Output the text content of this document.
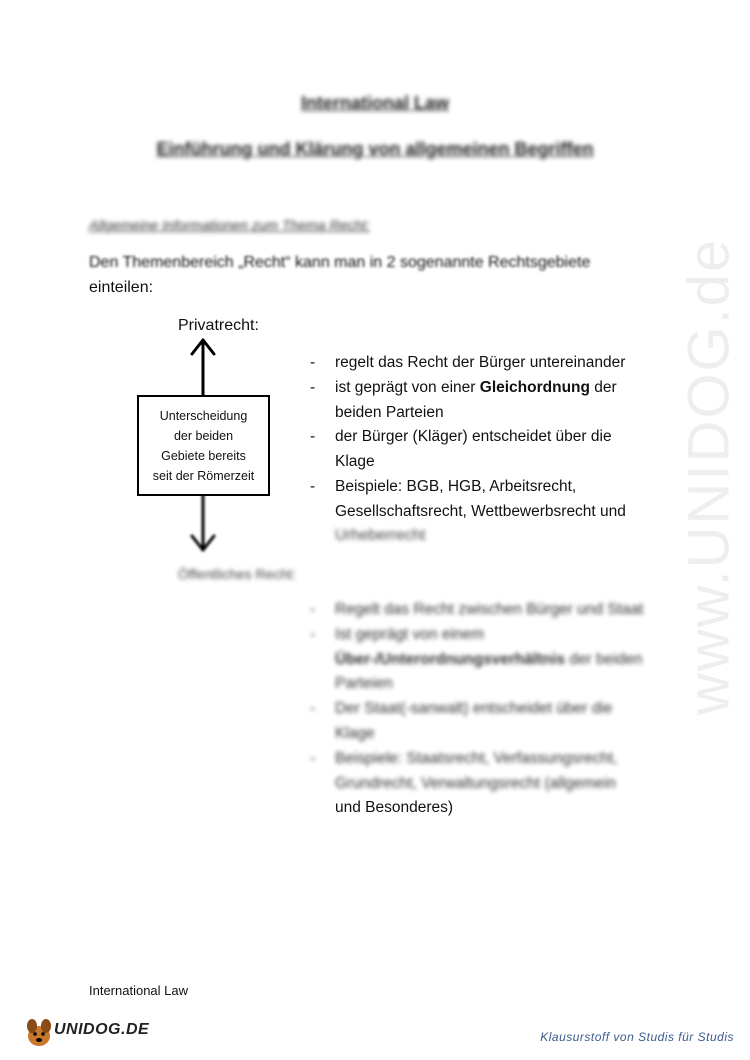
www.UNIDOG.de
International Law
Einführung und Klärung von allgemeinen Begriffen
Allgemeine Informationen zum Thema Recht:
Den Themenbereich „Recht“ kann man in 2 sogenannte Rechtsgebiete
einteilen:
Privatrecht:
Unterscheidung
der beiden
Gebiete bereits
seit der Römerzeit
- regelt das Recht der Bürger untereinander
- ist geprägt von einer Gleichordnung der beiden Parteien
- der Bürger (Kläger) entscheidet über die Klage
- Beispiele: BGB, HGB, Arbeitsrecht, Gesellschaftsrecht, Wettbewerbsrecht und
Urheberrecht
Öffentliches Recht:
- Regelt das Recht zwischen Bürger und Staat
- Ist geprägt von einem Über-/Unterordnungsverhältnis der beiden Parteien
- Der Staat(-sanwalt) entscheidet über die Klage
- Beispiele: Staatsrecht, Verfassungsrecht, Grundrecht, Verwaltungsrecht (allgemein
und Besonderes)
International Law
UNIDOG.DE	Klausurstoff von Studis für Studis
